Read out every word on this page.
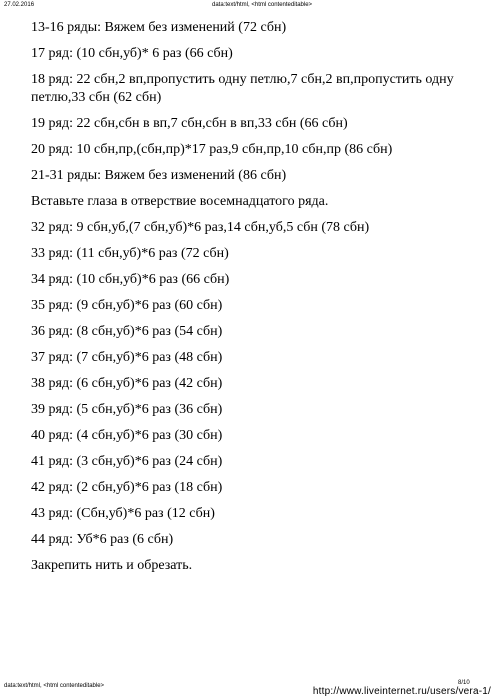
27.02.2016	data:text/html, <html contenteditable>

13-16 ряды: Вяжем без изменений (72 сбн)

17 ряд: (10 сбн,уб)* 6 раз (66 сбн)

18 ряд: 22 сбн,2 вп,пропустить одну петлю,7 сбн,2 вп,пропустить одну петлю,33 сбн (62 сбн)

19 ряд: 22 сбн,сбн в вп,7 сбн,сбн в вп,33 сбн (66 сбн)

20 ряд: 10 сбн,пр,(сбн,пр)*17 раз,9 сбн,пр,10 сбн,пр (86 сбн)

21-31 ряды: Вяжем без изменений (86 сбн)

Вставьте глаза в отверствие восемнадцатого ряда.

32 ряд: 9 сбн,уб,(7 сбн,уб)*6 раз,14 сбн,уб,5 сбн (78 сбн)

33 ряд: (11 сбн,уб)*6 раз (72 сбн)

34 ряд: (10 сбн,уб)*6 раз (66 сбн)

35 ряд: (9 сбн,уб)*6 раз (60 сбн)

36 ряд: (8 сбн,уб)*6 раз (54 сбн)

37 ряд: (7 сбн,уб)*6 раз (48 сбн)

38 ряд: (6 сбн,уб)*6 раз (42 сбн)

39 ряд: (5 сбн,уб)*6 раз (36 сбн)

40 ряд: (4 сбн,уб)*6 раз (30 сбн)

41 ряд: (3 сбн,уб)*6 раз (24 сбн)

42 ряд: (2 сбн,уб)*6 раз (18 сбн)

43 ряд: (Сбн,уб)*6 раз (12 сбн)

44 ряд: Уб*6 раз (6 сбн)

Закрепить нить и обрезать.

data:text/html, <html contenteditable>	8/10
http://www.liveinternet.ru/users/vera-1/
